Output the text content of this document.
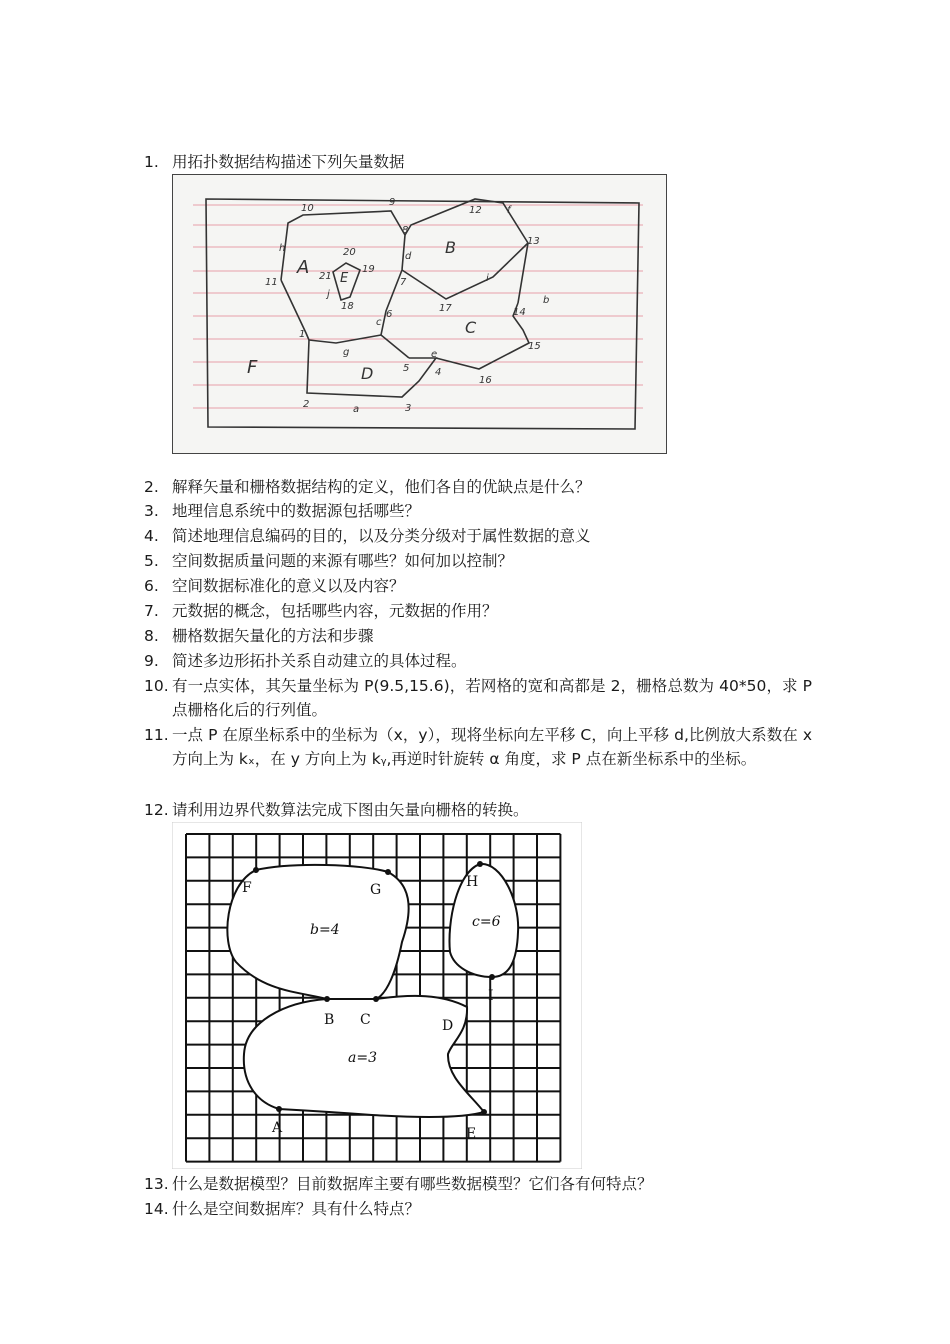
1. 用拓扑数据结构描述下列矢量数据
A
B
C
D
E
F
a
b
c
d
e
f
g
h
i
j
10
11
12
13
14
15
16
17
18
19
20
21
1
2	3
4
5
6
7
8
9
2. 解释矢量和栅格数据结构的定义，他们各自的优缺点是什么？
3. 地理信息系统中的数据源包括哪些？
4. 简述地理信息编码的目的，以及分类分级对于属性数据的意义
5. 空间数据质量问题的来源有哪些？如何加以控制？
6. 空间数据标准化的意义以及内容？
7. 元数据的概念，包括哪些内容，元数据的作用？
8. 栅格数据矢量化的方法和步骤
9. 简述多边形拓扑关系自动建立的具体过程。
10. 有一点实体，其矢量坐标为 P(9.5,15.6)，若网格的宽和高都是 2，栅格总数为 40*50，求 P 点栅格化后的行列值。
11. 一点 P 在原坐标系中的坐标为（x，y），现将坐标向左平移 C，向上平移 d,比例放大系数在 x 方向上为 kₓ，在 y 方向上为 kᵧ,再逆时针旋转 α 角度，求 P 点在新坐标系中的坐标。
12. 请利用边界代数算法完成下图由矢量向栅格的转换。
F	G	H
I
B C	D
A	E
b=4	c=6
a=3
13. 什么是数据模型？目前数据库主要有哪些数据模型？它们各有何特点？
14. 什么是空间数据库？具有什么特点？
